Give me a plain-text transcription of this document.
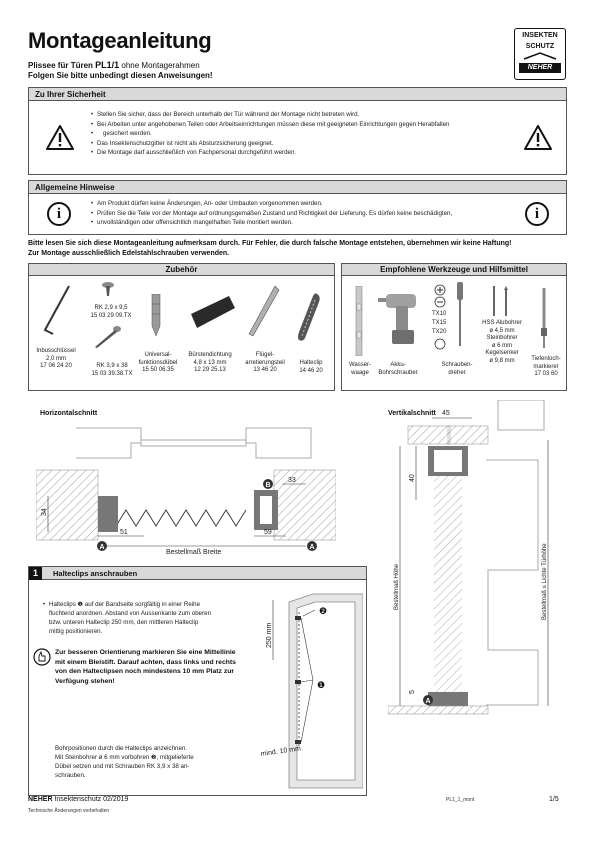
Montageanleitung
Plissee für Türen PL1/1 ohne Montagerahmen
Folgen Sie bitte unbedingt diesen Anweisungen!
INSEKTEN
SCHUTZ
NEHER
Zu Ihrer Sicherheit
• Stellen Sie sicher, dass der Bereich unterhalb der Tür während der Montage nicht betreten wird.
• Bei Arbeiten unter angehobenen Teilen oder Arbeitseinrichtungen müssen diese mit geeigneten Einrichtungen gegen Herabfallen
• gesichert werden.
• Das Insektenschutzgitter ist nicht als Absturzsicherung geeignet.
• Die Montage darf ausschließlich von Fachpersonal durchgeführt werden.
Allgemeine Hinweise
i
• Am Produkt dürfen keine Änderungen, An- oder Umbauten vorgenommen werden.
• Prüfen Sie die Teile vor der Montage auf ordnungsgemäßen Zustand und Richtigkeit der Lieferung. Es dürfen keine beschädigten,
• unvollständigen oder offensichtlich mangelhaften Teile montiert werden.
i
Bitte lesen Sie sich diese Montageanleitung aufmerksam durch. Für Fehler, die durch falsche Montage entstehen, übernehmen wir keine Haftung!
Zur Montage ausschließlich Edelstahlschrauben verwenden.
Zubehör
Inbusschlüssel
2,0 mm
17 06 24 20
RK 2,9 x 9,5
15 03 29 09.TX
RK 3,9 x 38
15 03 39.38.TX
Universal-
funktionsdübel
15 50 06.35
Bürstendichtung
4,8 x 13 mm
12 29 25.13
Flügel-
arretierungsteil
13 46 20
Halteclip
14 46 20
Empfohlene Werkzeuge und Hilfsmittel
Wasser-
waage
Akku-
Bohrschrauber
TX10
TX15
TX20
Schrauben-
dreher
HSS Alubohrer
ø 4,5 mm
Steinbohrer
ø 6 mm
Kegelsenker
ø 9,8 mm	Tiefenloch-
markierer
17 03 60
Horizontalschnitt
51	59
33
34
Bestellmaß Breite
A	A
B
Vertikalschnitt 45
40
5
Bestellmaß Höhe	Bestellmaß ≤ Lichte Türhöhe
A
1	Halteclips anschrauben
• Halteclips ❶ auf der Bandseite sorgfältig in einer Reihe
fluchtend anordnen. Abstand von Aussenkante zum oberen
bzw. unteren Halteclip 250 mm, den mittleren Halteclip
mittig positionieren.
Zur besseren Orientierung markieren Sie eine Mittellinie
mit einem Bleistift. Darauf achten, dass links und rechts
von den Halteclipsen noch mindestens 10 mm Platz zur
Verfügung stehen!
Bohrpositionen durch die Halteclips anzeichnen.
Mit Steinbohrer ø 6 mm vorbohren ❷, mitgelieferte
Dübel setzen und mit Schrauben RK 3,9 x 38 an-
schrauben.
250 mm
❷
❶
mind. 10 mm
NEHER Insektenschutz 02/2019
Technische Änderungen vorbehalten
PL1_1_mont	1/5
